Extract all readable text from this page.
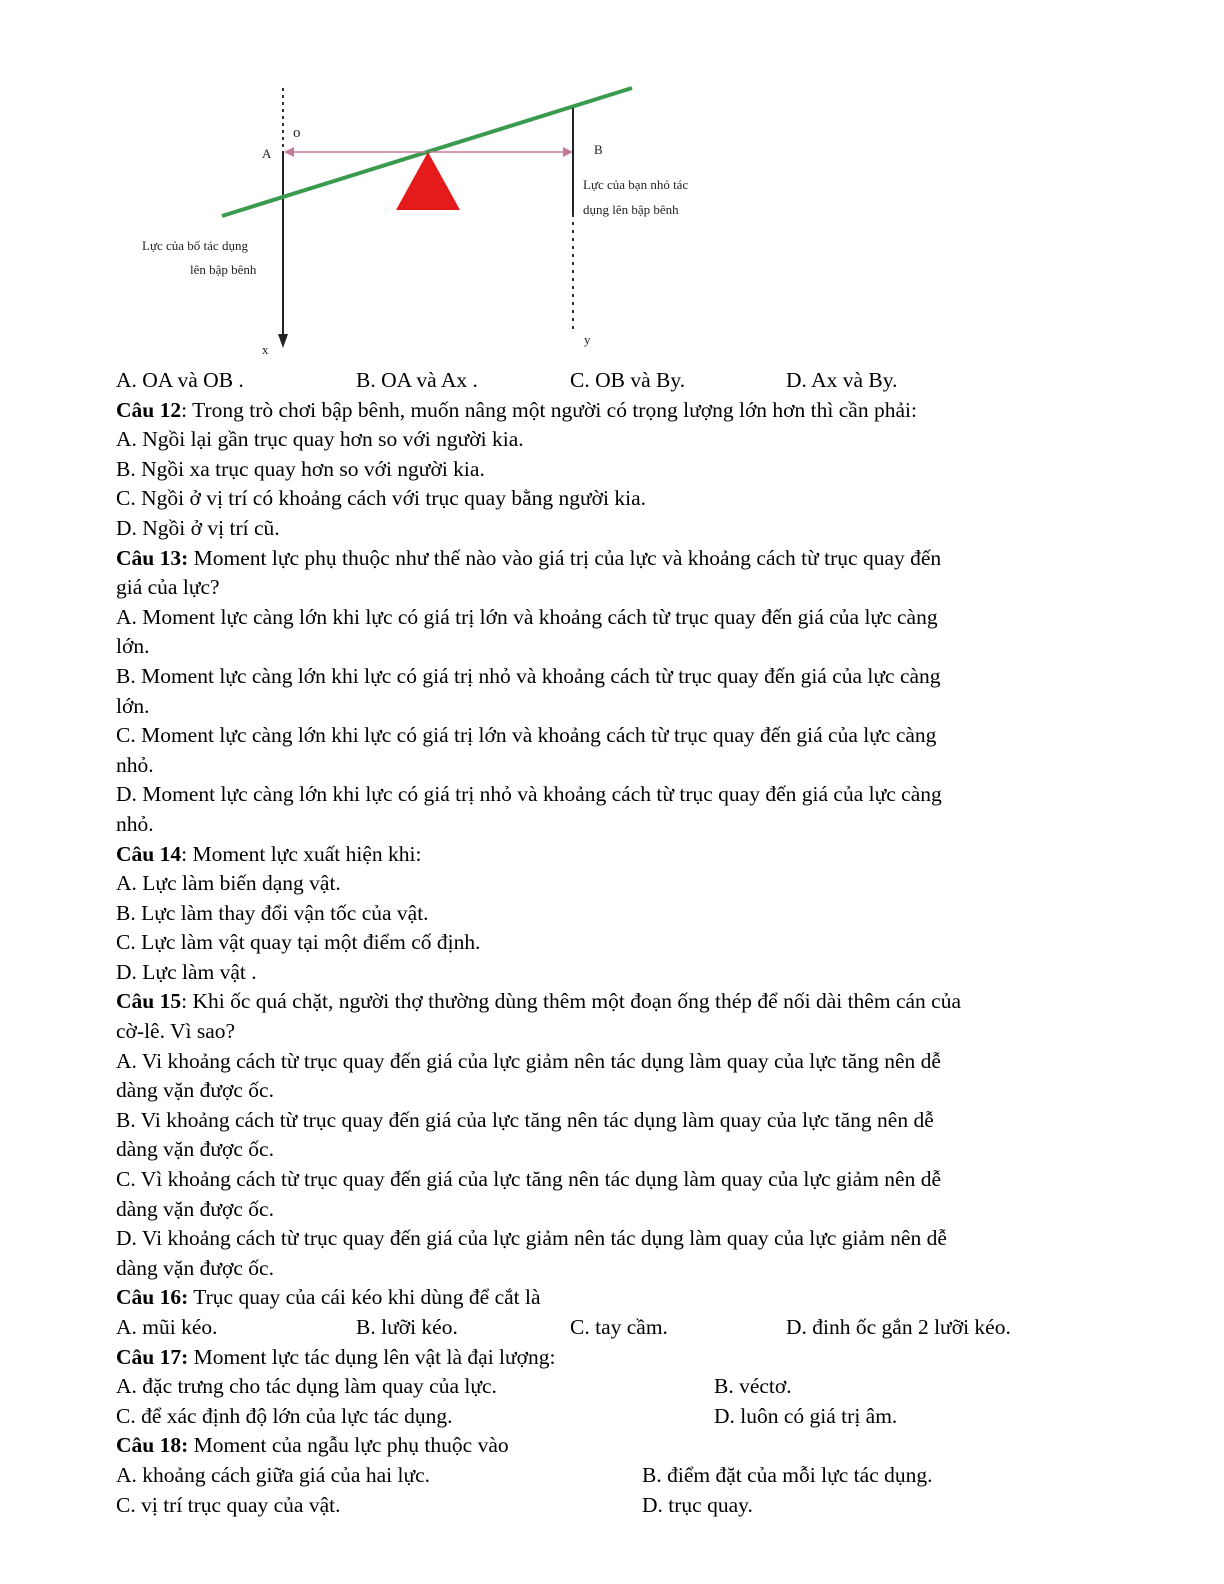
o
A	B
Lực của bạn nhỏ tác
dụng lên bập bênh
Lực của bố tác dụng
lên bập bênh
x
y
A. OA và OB .	B. OA và Ax .	C. OB và By.	D. Ax và By.
Câu 12: Trong trò chơi bập bênh, muốn nâng một người có trọng lượng lớn hơn thì cần phải:
A. Ngồi lại gần trục quay hơn so với người kia.
B. Ngồi xa trục quay hơn so với người kia.
C. Ngồi ở vị trí có khoảng cách với trục quay bằng người kia.
D. Ngồi ở vị trí cũ.
Câu 13: Moment lực phụ thuộc như thế nào vào giá trị của lực và khoảng cách từ trục quay đến
giá của lực?
A. Moment lực càng lớn khi lực có giá trị lớn và khoảng cách từ trục quay đến giá của lực càng
lớn.
B. Moment lực càng lớn khi lực có giá trị nhỏ và khoảng cách từ trục quay đến giá của lực càng
lớn.
C. Moment lực càng lớn khi lực có giá trị lớn và khoảng cách từ trục quay đến giá của lực càng
nhỏ.
D. Moment lực càng lớn khi lực có giá trị nhỏ và khoảng cách từ trục quay đến giá của lực càng
nhỏ.
Câu 14: Moment lực xuất hiện khi:
A. Lực làm biến dạng vật.
B. Lực làm thay đổi vận tốc của vật.
C. Lực làm vật quay tại một điểm cố định.
D. Lực làm vật .
Câu 15: Khi ốc quá chặt, người thợ thường dùng thêm một đoạn ống thép để nối dài thêm cán của
cờ-lê. Vì sao?
A. Vi khoảng cách từ trục quay đến giá của lực giảm nên tác dụng làm quay của lực tăng nên dễ
dàng vặn được ốc.
B. Vi khoảng cách từ trục quay đến giá của lực tăng nên tác dụng làm quay của lực tăng nên dễ
dàng vặn được ốc.
C. Vì khoảng cách từ trục quay đến giá của lực tăng nên tác dụng làm quay của lực giảm nên dễ
dàng vặn được ốc.
D. Vi khoảng cách từ trục quay đến giá của lực giảm nên tác dụng làm quay của lực giảm nên dễ
dàng vặn được ốc.
Câu 16: Trục quay của cái kéo khi dùng để cắt là
A. mũi kéo.	B. lưỡi kéo.	C. tay cầm.	D. đinh ốc gắn 2 lưỡi kéo.
Câu 17: Moment lực tác dụng lên vật là đại lượng:
A. đặc trưng cho tác dụng làm quay của lực.	B. véctơ.
C. để xác định độ lớn của lực tác dụng.	D. luôn có giá trị âm.
Câu 18: Moment của ngẫu lực phụ thuộc vào
A. khoảng cách giữa giá của hai lực.	B. điểm đặt của mỗi lực tác dụng.
C. vị trí trục quay của vật.	D. trục quay.
